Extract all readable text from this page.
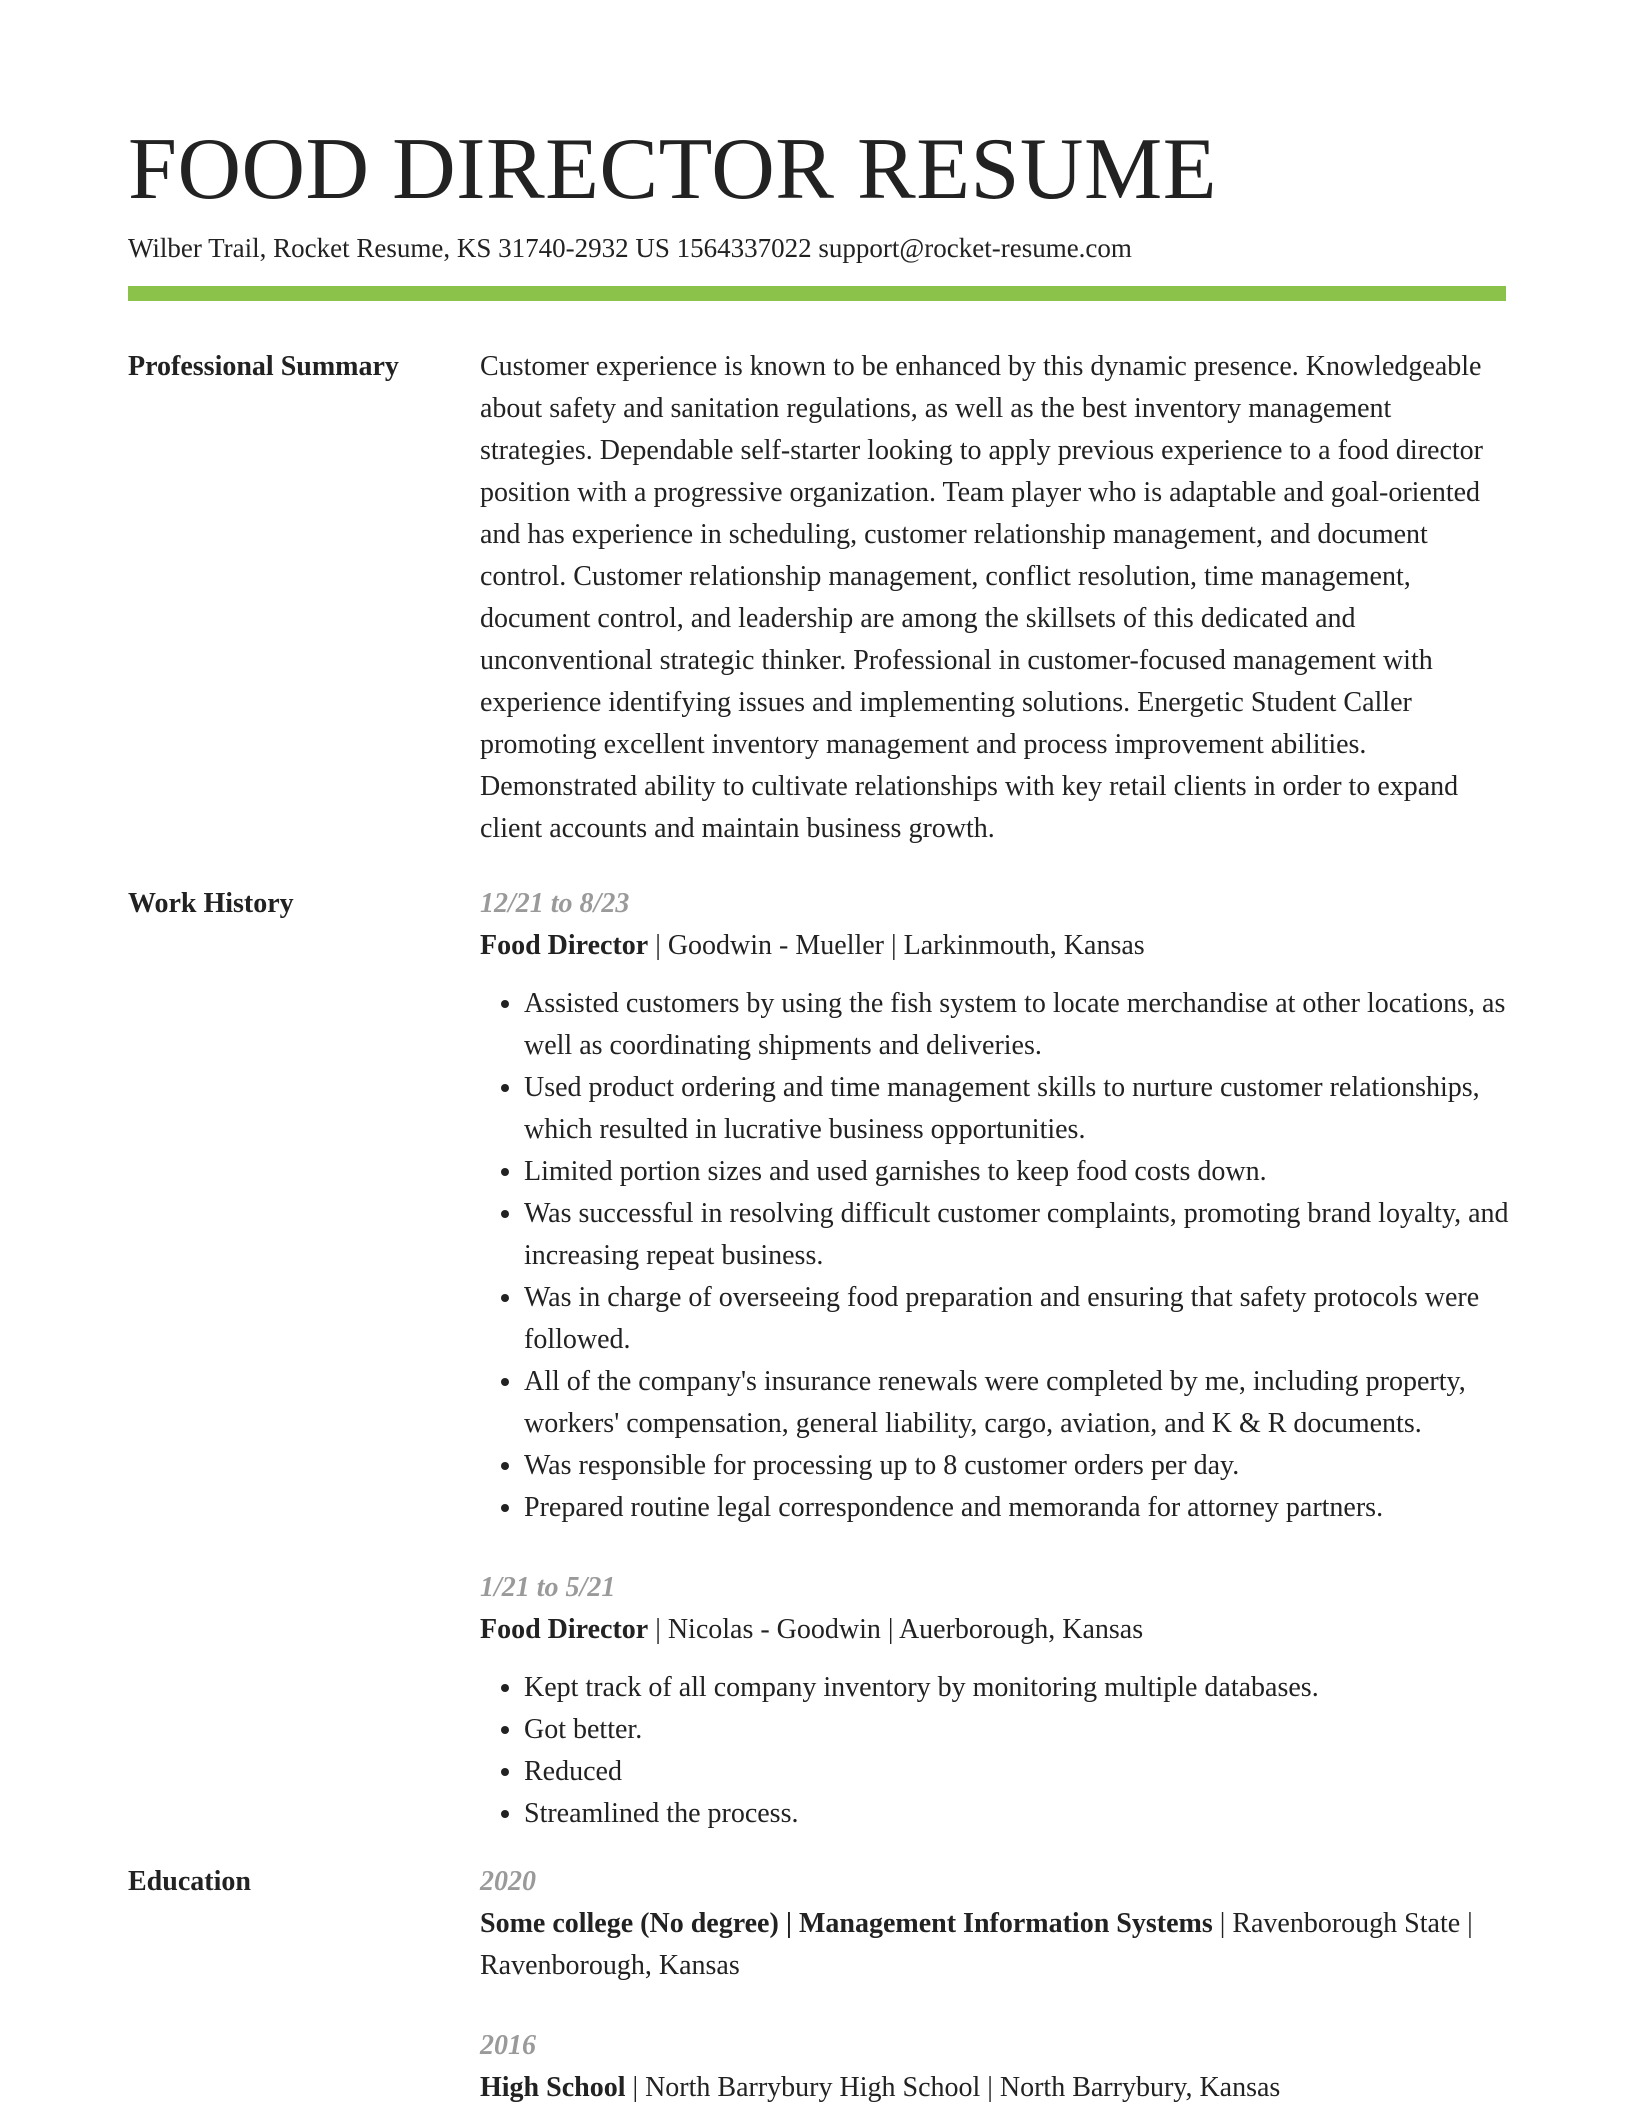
FOOD DIRECTOR RESUME
Wilber Trail, Rocket Resume, KS 31740-2932 US 1564337022 support@rocket-resume.com
Professional Summary	Customer experience is known to be enhanced by this dynamic presence. Knowledgeable about safety and sanitation regulations, as well as the best inventory management strategies. Dependable self-starter looking to apply previous experience to a food director position with a progressive organization. Team player who is adaptable and goal-oriented and has experience in scheduling, customer relationship management, and document control. Customer relationship management, conflict resolution, time management, document control, and leadership are among the skillsets of this dedicated and unconventional strategic thinker. Professional in customer-focused management with experience identifying issues and implementing solutions. Energetic Student Caller promoting excellent inventory management and process improvement abilities. Demonstrated ability to cultivate relationships with key retail clients in order to expand client accounts and maintain business growth.

Work History	12/21 to 8/23
Food Director | Goodwin - Mueller | Larkinmouth, Kansas
• Assisted customers by using the fish system to locate merchandise at other locations, as well as coordinating shipments and deliveries.
• Used product ordering and time management skills to nurture customer relationships, which resulted in lucrative business opportunities.
• Limited portion sizes and used garnishes to keep food costs down.
• Was successful in resolving difficult customer complaints, promoting brand loyalty, and increasing repeat business.
• Was in charge of overseeing food preparation and ensuring that safety protocols were followed.
• All of the company's insurance renewals were completed by me, including property, workers' compensation, general liability, cargo, aviation, and K & R documents.
• Was responsible for processing up to 8 customer orders per day.
• Prepared routine legal correspondence and memoranda for attorney partners.
1/21 to 5/21
Food Director | Nicolas - Goodwin | Auerborough, Kansas
• Kept track of all company inventory by monitoring multiple databases.
• Got better.
• Reduced
• Streamlined the process.
Education	2020
Some college (No degree) | Management Information Systems | Ravenborough State | Ravenborough, Kansas
2016
High School | North Barrybury High School | North Barrybury, Kansas
